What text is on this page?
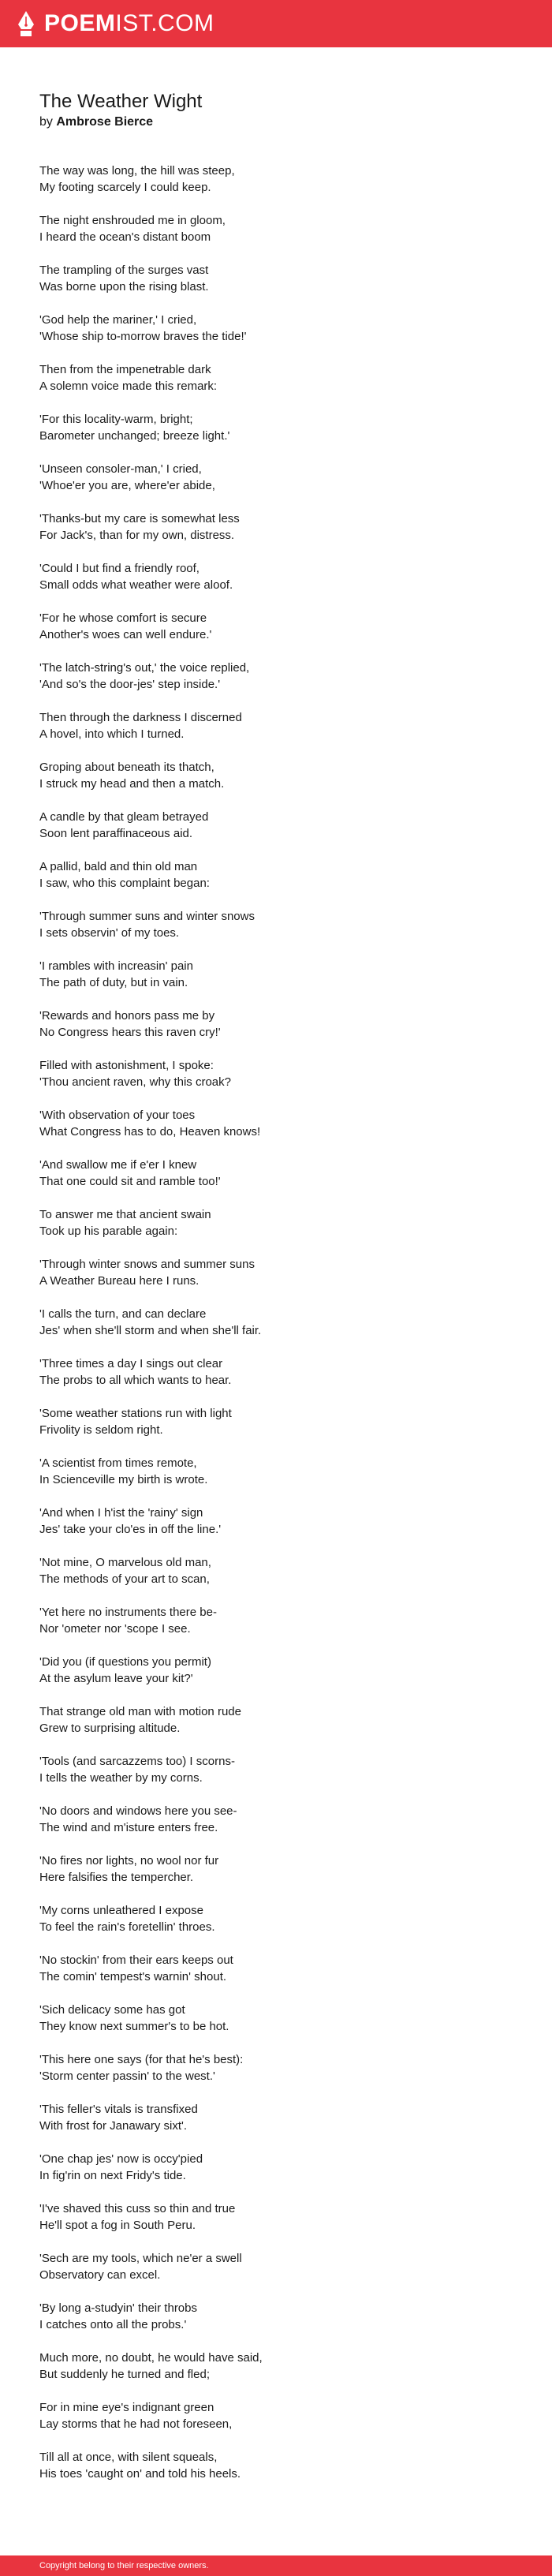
POEMIST.COM
The Weather Wight
by Ambrose Bierce

The way was long, the hill was steep,
My footing scarcely I could keep.

The night enshrouded me in gloom,
I heard the ocean's distant boom

The trampling of the surges vast
Was borne upon the rising blast.

'God help the mariner,' I cried,
'Whose ship to-morrow braves the tide!'

Then from the impenetrable dark
A solemn voice made this remark:

'For this locality-warm, bright;
Barometer unchanged; breeze light.'

'Unseen consoler-man,' I cried,
'Whoe'er you are, where'er abide,

'Thanks-but my care is somewhat less
For Jack's, than for my own, distress.

'Could I but find a friendly roof,
Small odds what weather were aloof.

'For he whose comfort is secure
Another's woes can well endure.'

'The latch-string's out,' the voice replied,
'And so's the door-jes' step inside.'

Then through the darkness I discerned
A hovel, into which I turned.

Groping about beneath its thatch,
I struck my head and then a match.

A candle by that gleam betrayed
Soon lent paraffinaceous aid.

A pallid, bald and thin old man
I saw, who this complaint began:

'Through summer suns and winter snows
I sets observin' of my toes.

'I rambles with increasin' pain
The path of duty, but in vain.

'Rewards and honors pass me by
No Congress hears this raven cry!'

Filled with astonishment, I spoke:
'Thou ancient raven, why this croak?

'With observation of your toes
What Congress has to do, Heaven knows!

'And swallow me if e'er I knew
That one could sit and ramble too!'

To answer me that ancient swain
Took up his parable again:

'Through winter snows and summer suns
A Weather Bureau here I runs.

'I calls the turn, and can declare
Jes' when she'll storm and when she'll fair.

'Three times a day I sings out clear
The probs to all which wants to hear.

'Some weather stations run with light
Frivolity is seldom right.

'A scientist from times remote,
In Scienceville my birth is wrote.

'And when I h'ist the 'rainy' sign
Jes' take your clo'es in off the line.'

'Not mine, O marvelous old man,
The methods of your art to scan,

'Yet here no instruments there be-
Nor 'ometer nor 'scope I see.

'Did you (if questions you permit)
At the asylum leave your kit?'

That strange old man with motion rude
Grew to surprising altitude.

'Tools (and sarcazzems too) I scorns-
I tells the weather by my corns.

'No doors and windows here you see-
The wind and m'isture enters free.

'No fires nor lights, no wool nor fur
Here falsifies the tempercher.

'My corns unleathered I expose
To feel the rain's foretellin' throes.

'No stockin' from their ears keeps out
The comin' tempest's warnin' shout.

'Sich delicacy some has got
They know next summer's to be hot.

'This here one says (for that he's best):
'Storm center passin' to the west.'

'This feller's vitals is transfixed
With frost for Janawary sixt'.

'One chap jes' now is occy'pied
In fig'rin on next Fridy's tide.

'I've shaved this cuss so thin and true
He'll spot a fog in South Peru.

'Sech are my tools, which ne'er a swell
Observatory can excel.

'By long a-studyin' their throbs
I catches onto all the probs.'

Much more, no doubt, he would have said,
But suddenly he turned and fled;

For in mine eye's indignant green
Lay storms that he had not foreseen,

Till all at once, with silent squeals,
His toes 'caught on' and told his heels.

Copyright belong to their respective owners.
